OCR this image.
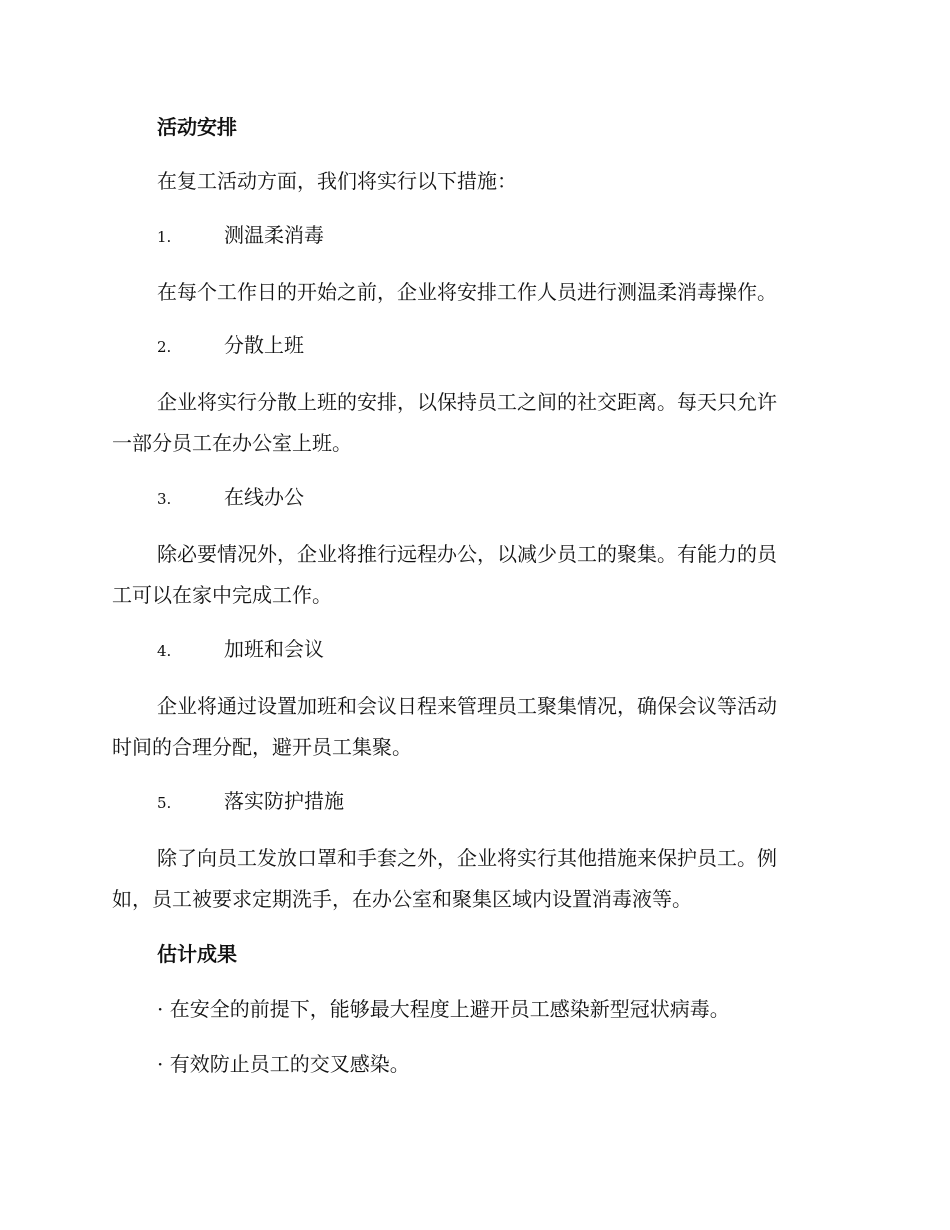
活动安排
在复工活动方面，我们将实行以下措施：
1.	测温柔消毒
在每个工作日的开始之前，企业将安排工作人员进行测温柔消毒操作。
2.	分散上班
企业将实行分散上班的安排，以保持员工之间的社交距离。每天只允许
一部分员工在办公室上班。
3.	在线办公
除必要情况外，企业将推行远程办公，以减少员工的聚集。有能力的员
工可以在家中完成工作。
4.	加班和会议
企业将通过设置加班和会议日程来管理员工聚集情况，确保会议等活动
时间的合理分配，避开员工集聚。
5.	落实防护措施
除了向员工发放口罩和手套之外，企业将实行其他措施来保护员工。例
如，员工被要求定期洗手，在办公室和聚集区域内设置消毒液等。
估计成果
· 在安全的前提下，能够最大程度上避开员工感染新型冠状病毒。
· 有效防止员工的交叉感染。
